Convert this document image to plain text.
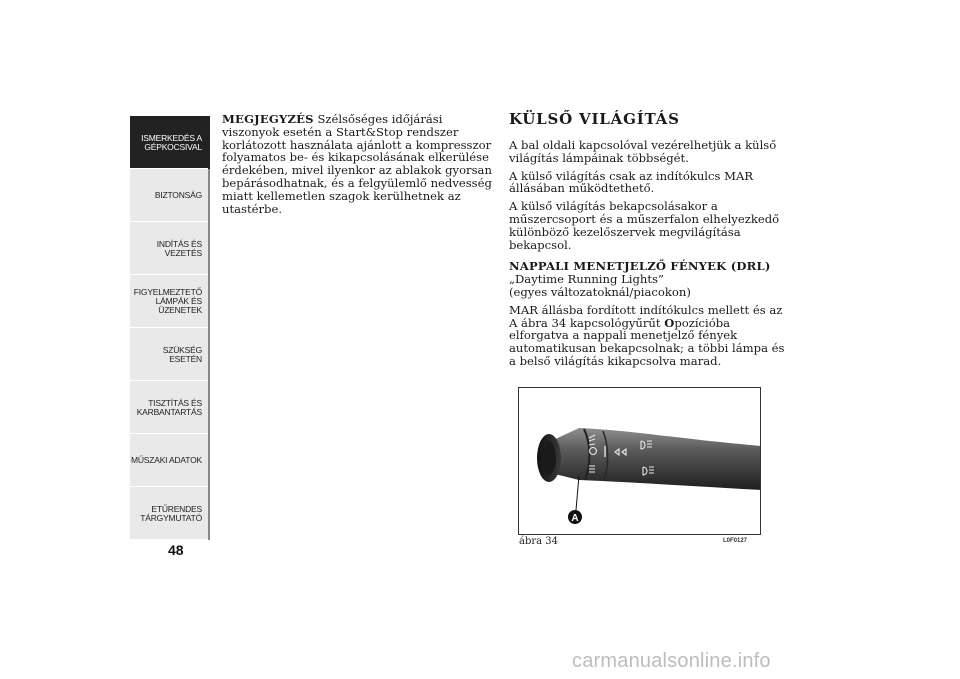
ISMERKEDÉS A
GÉPKOCSIVAL
BIZTONSÁG
INDÍTÁS ÉS
VEZETÉS
FIGYELMEZTETŐ
LÁMPÁK ÉS
ÜZENETEK
SZÜKSÉG ESETÉN
TISZTÍTÁS ÉS
KARBANTARTÁS
MŰSZAKI ADATOK
ETŰRENDES
TÁRGYMUTATÓ
48
MEGJEGYZÉS Szélsőséges időjárási viszonyok esetén a Start&Stop rendszer korlátozott használata ajánlott a kompresszor folyamatos be- és kikapcsolásának elkerülése érdekében, mivel ilyenkor az ablakok gyorsan bepárásodhatnak, és a felgyülemlő nedvesség miatt kellemetlen szagok kerülhetnek az utastérbe.
KÜLSŐ VILÁGÍTÁS

A bal oldali kapcsolóval vezérelhetjük a külső világítás lámpáinak többségét.

A külső világítás csak az indítókulcs MAR állásában működtethető.

A külső világítás bekapcsolásakor a műszercsoport és a műszerfalon elhelyezkedő különböző kezelőszervek megvilágítása bekapcsol.

NAPPALI MENETJELZŐ FÉNYEK (DRL)
„Daytime Running Lights”

(egyes változatoknál/piacokon)

MAR állásba fordított indítókulcs mellett és az A ábra 34 kapcsológyűrűt Opozícióba elforgatva a nappali menetjelző fények automatikusan bekapcsolnak; a többi lámpa és a belső világítás kikapcsolva marad.

A
ábra 34	L0F0127
carmanualsonline.info
